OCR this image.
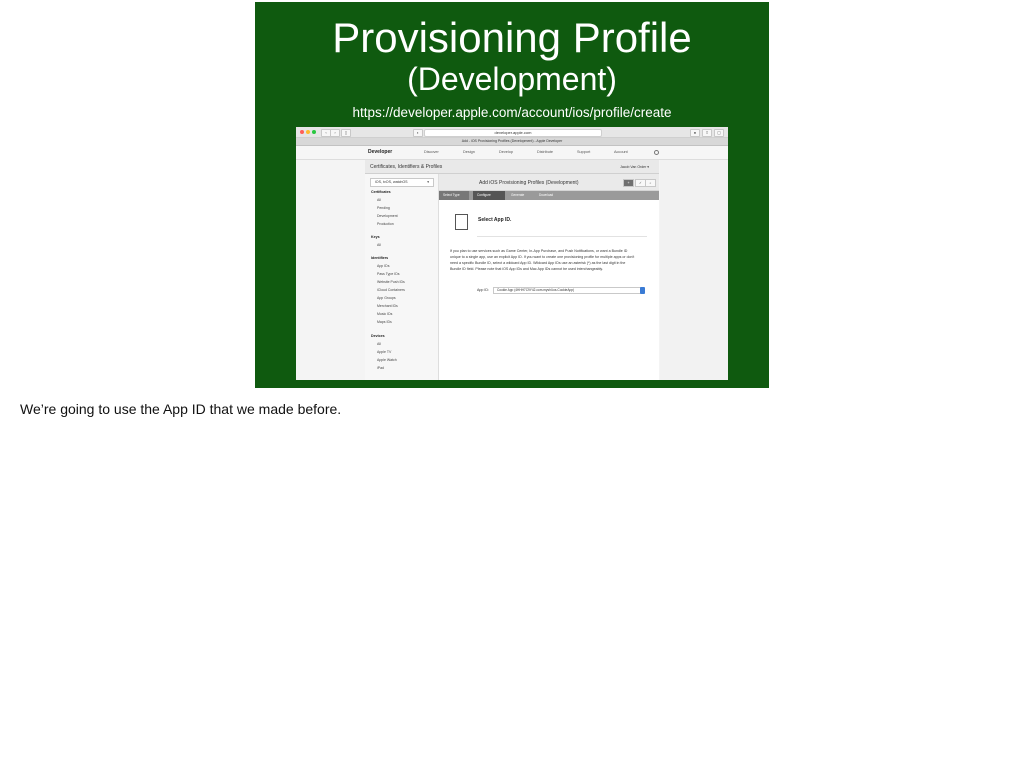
Provisioning Profile
(Development)
https://developer.apple.com/account/ios/profile/create
‹	›	▯	◐	developer.apple.com	●	⇧	▢
Add - iOS Provisioning Profiles (Development) - Apple Developer
Developer	Discover	Design	Develop	Distribute	Support	Account
Certificates, Identifiers & Profiles	Jacob Van Order ▾
iOS, tvOS, watchOS	▾
Certificates
All
Pending
Development
Production
Keys
All
Identifiers
App IDs
Pass Type IDs
Website Push IDs
iCloud Containers
App Groups
Merchant IDs
Music IDs
Maps IDs
Devices
All
Apple TV
Apple Watch
iPad
Add iOS Provisioning Profiles (Development)	+	✓	⌕
Select Type	Configure	Generate	Download
Select App ID.
If you plan to use services such as Game Center, In-App Purchase, and Push Notifications, or want a Bundle ID unique to a single app, use an explicit App ID. If you want to create one provisioning profile for multiple apps or don't need a specific Bundle ID, select a wildcard App ID. Wildcard App IDs use an asterisk (*) as the last digit in the Bundle ID field. Please note that iOS App IDs and Mac App IDs cannot be used interchangeably.
App ID:	Cookie App (4HHH7C9Y42.com.myshl.ios.CookieApp)
We’re going to use the App ID that we made before.
